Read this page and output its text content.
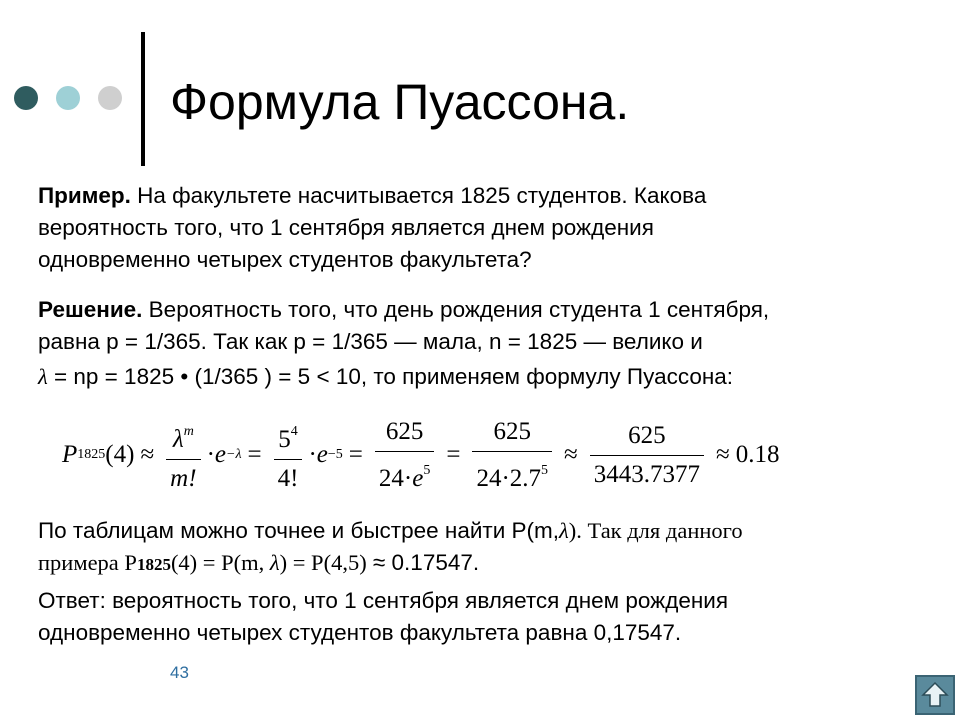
Формула Пуассона.
Пример. На факультете насчитывается 1825 студентов. Какова
вероятность того, что 1 сентября является днем рождения
одновременно четырех студентов факультета?
Решение. Вероятность того, что день рождения студента 1 сентября,
равна p = 1/365. Так как p = 1/365 — мала, n = 1825 — велико и
λ = np = 1825 • (1/365 ) = 5 < 10, то применяем формулу Пуассона:
P 1825 $(4) \approx \frac{\lambda^m}{m!} \cdot e -\lambda = \frac{5^4}{4!} \cdot e -5 = \frac{625}{24\cdot e^5} = \frac{625}{24\cdot 2.7^5} \approx \frac{625}{3443.7377} \approx 0.18$
По таблицам можно точнее и быстрее найти P(m,λ). Так для данного
примера P1825(4) = P(m, λ) = P(4,5) ≈ 0.17547.
Ответ: вероятность того, что 1 сентября является днем рождения
одновременно четырех студентов факультета равна 0,17547.
43
